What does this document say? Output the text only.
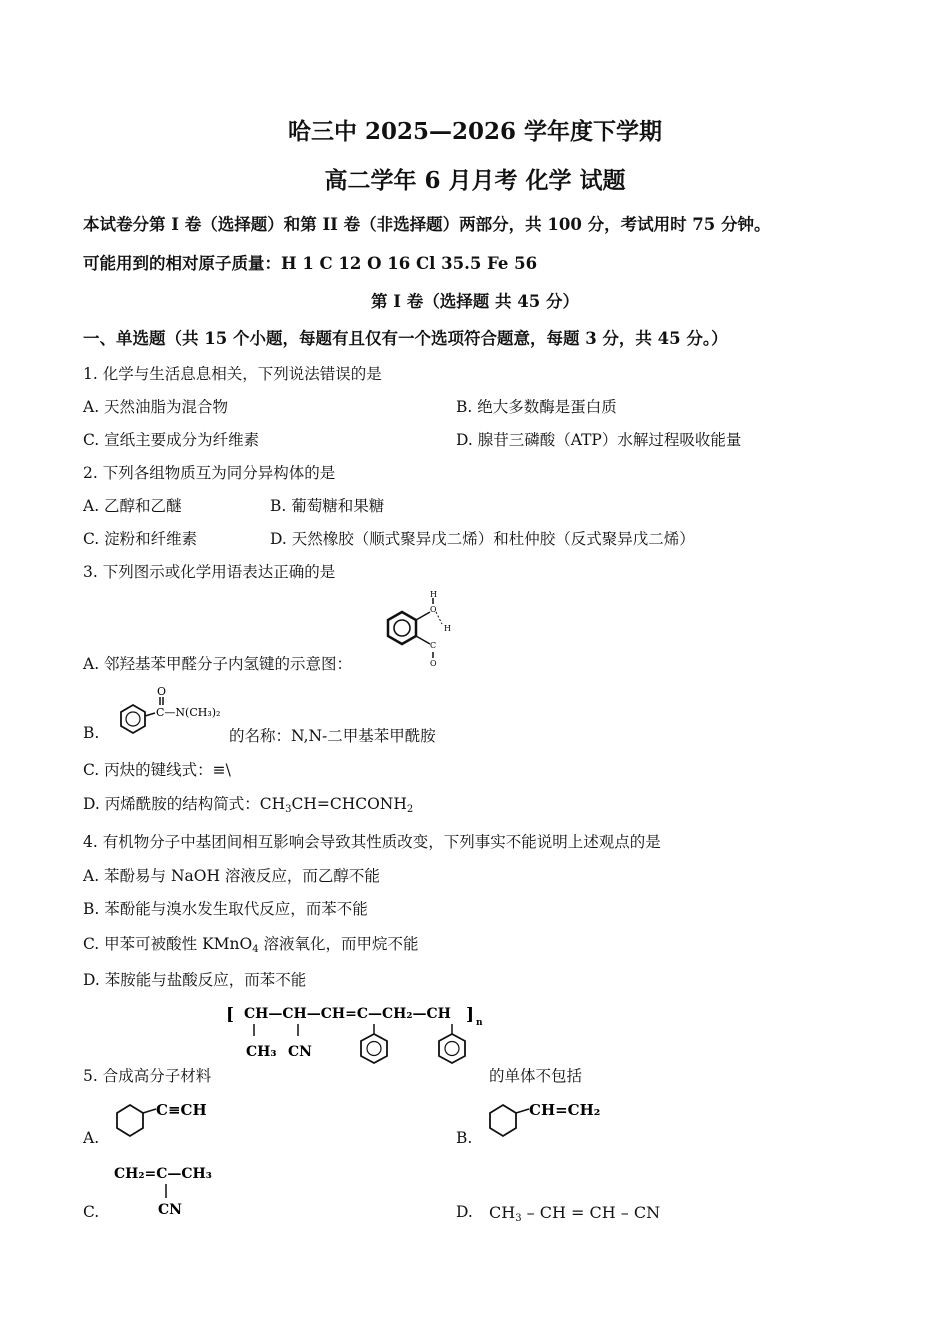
哈三中 2025—2026 学年度下学期
高二学年 6 月月考 化学 试题
本试卷分第 I 卷（选择题）和第 II 卷（非选择题）两部分，共 100 分，考试用时 75 分钟。
可能用到的相对原子质量：H 1 C 12 O 16 Cl 35.5 Fe 56
第 I 卷（选择题 共 45 分）
一、单选题（共 15 个小题，每题有且仅有一个选项符合题意，每题 3 分，共 45 分。）
1. 化学与生活息息相关，下列说法错误的是
A. 天然油脂为混合物	B. 绝大多数酶是蛋白质
C. 宣纸主要成分为纤维素	D. 腺苷三磷酸（ATP）水解过程吸收能量
2. 下列各组物质互为同分异构体的是
A. 乙醇和乙醚	B. 葡萄糖和果糖
C. 淀粉和纤维素	D. 天然橡胶（顺式聚异戊二烯）和杜仲胶（反式聚异戊二烯）
3. 下列图示或化学用语表达正确的是
H
O
H
C
O
A. 邻羟基苯甲醛分子内氢键的示意图：
B.
O
C—N(CH₃)₂
的名称：N,N-二甲基苯甲酰胺
C. 丙炔的键线式：≡\
D. 丙烯酰胺的结构简式：$CH_3CH=CHCONH_2$
4. 有机物分子中基团间相互影响会导致其性质改变，下列事实不能说明上述观点的是
A. 苯酚易与 NaOH 溶液反应，而乙醇不能
B. 苯酚能与溴水发生取代反应，而苯不能
C. 甲苯可被酸性 KMnO$_4$ 溶液氧化，而甲烷不能
D. 苯胺能与盐酸反应，而苯不能
[ CH—CH—CH=C—CH₂—CH ] n
CH₃ CN
5. 合成高分子材料	的单体不包括
A.
C≡CH
B.
CH=CH₂
C.
CH₂=C—CH₃
CN	D. $CH_3$ – CH = CH – CN
